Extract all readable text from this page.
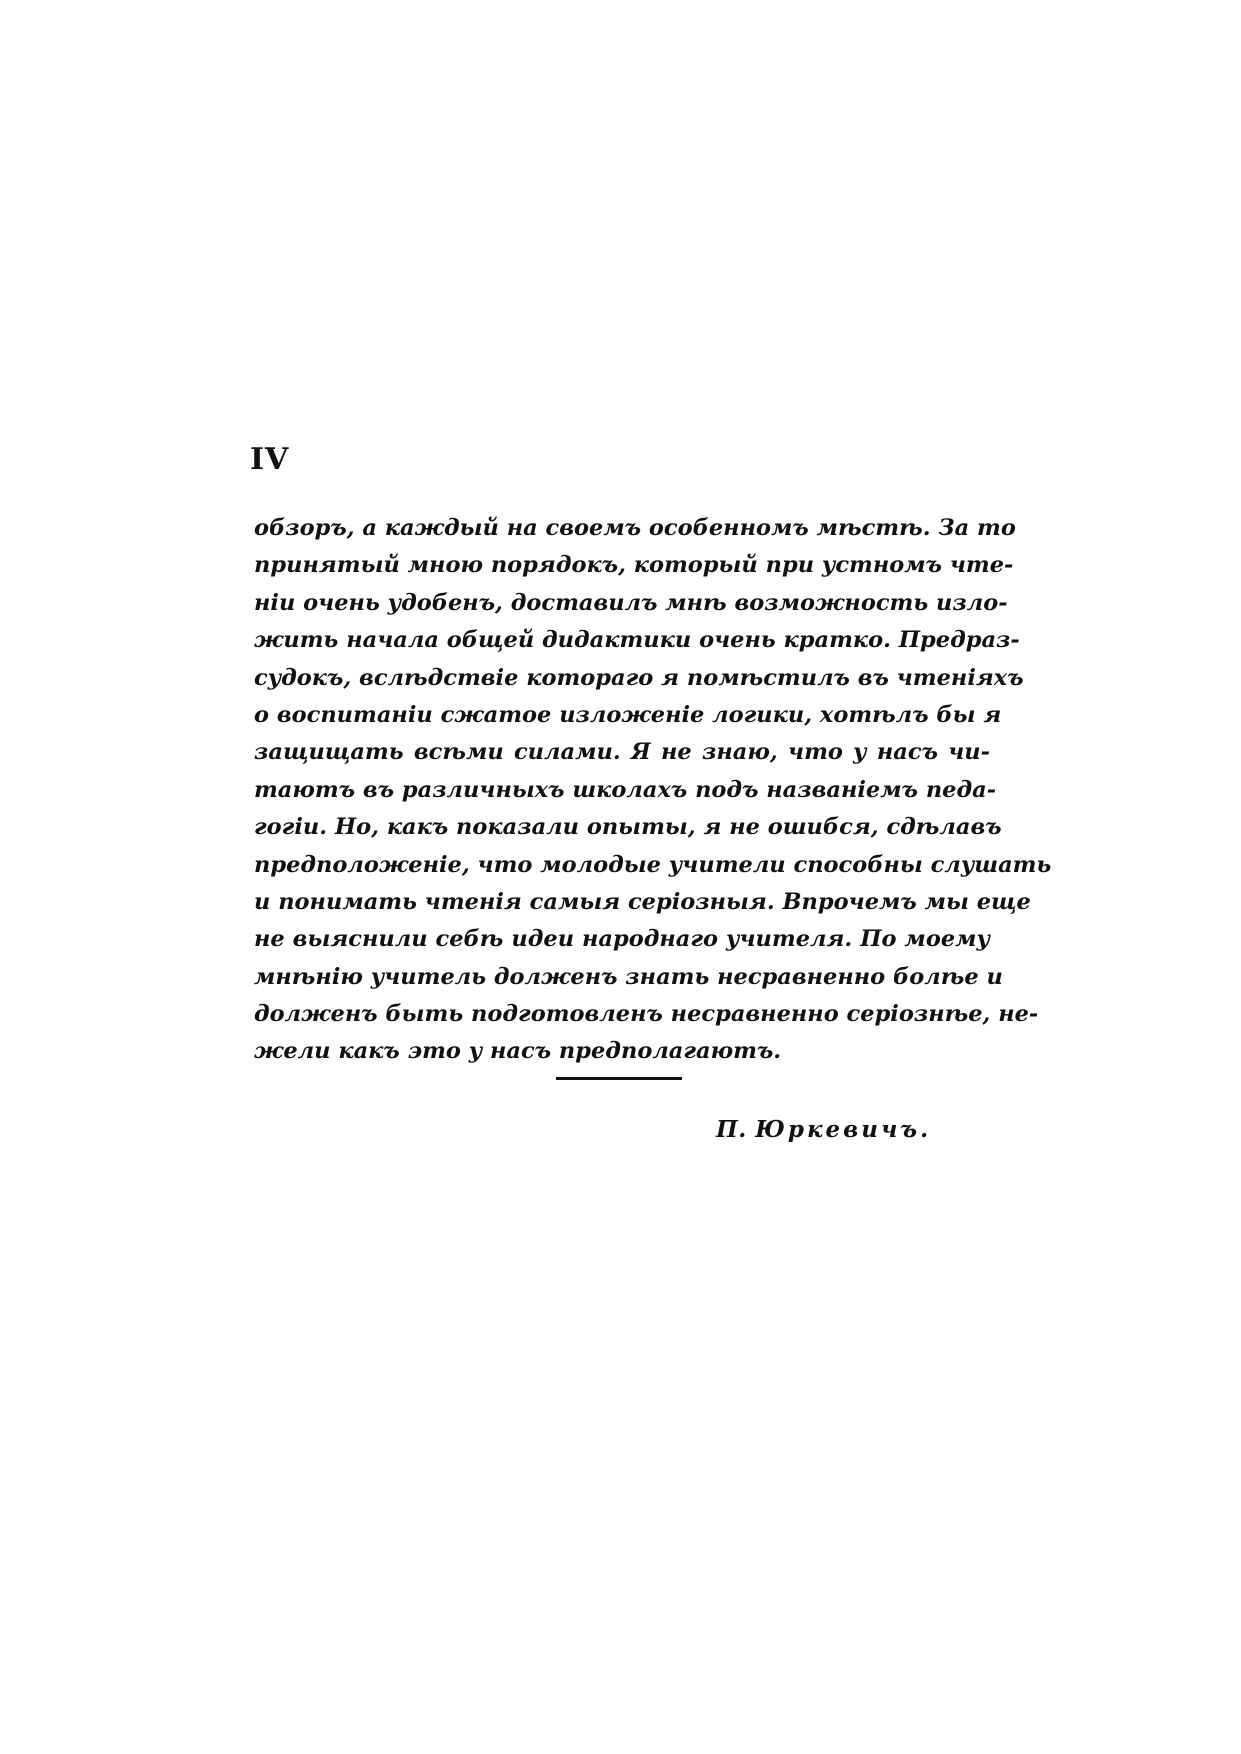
IV
обзоръ, а каждый на своемъ особенномъ мѣстѣ. За то
принятый мною порядокъ, который при устномъ чте-
ніи очень удобенъ, доставилъ мнѣ возможность изло-
жить начала общей дидактики очень кратко. Предраз-
судокъ, вслѣдствіе котораго я помѣстилъ въ чтеніяхъ
о воспитаніи сжатое изложеніе логики, хотѣлъ бы я
защищать всѣми силами. Я не знаю, что у насъ чи-
таютъ въ различныхъ школахъ подъ названіемъ педа-
гогіи. Но, какъ показали опыты, я не ошибся, сдѣлавъ
предположеніе, что молодые учители способны слушать
и понимать чтенія самыя серіозныя. Впрочемъ мы еще
не выяснили себѣ идеи народнаго учителя. По моему
мнѣнію учитель долженъ знать несравненно болѣе и
долженъ быть подготовленъ несравненно серіознѣе, не-
жели какъ это у насъ предполагаютъ.
П. Юркевичъ.
